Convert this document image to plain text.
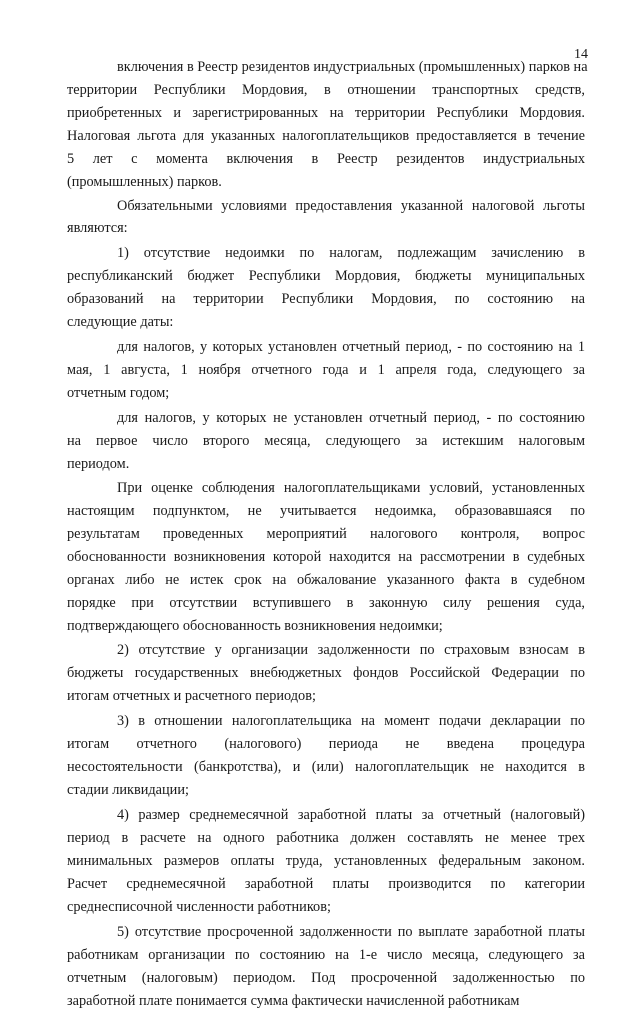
14
включения в Реестр резидентов индустриальных (промышленных) парков на
территории Республики Мордовия, в отношении транспортных средств,
приобретенных и зарегистрированных на территории Республики Мордовия.
Налоговая льгота для указанных налогоплательщиков предоставляется в течение
5 лет с момента включения в Реестр резидентов индустриальных
(промышленных) парков.
Обязательными условиями предоставления указанной налоговой льготы
являются:
1) отсутствие недоимки по налогам, подлежащим зачислению в
республиканский бюджет Республики Мордовия, бюджеты муниципальных
образований на территории Республики Мордовия, по состоянию на
следующие даты:
для налогов, у которых установлен отчетный период, - по состоянию на 1
мая, 1 августа, 1 ноября отчетного года и 1 апреля года, следующего за
отчетным годом;
для налогов, у которых не установлен отчетный период, - по состоянию
на первое число второго месяца, следующего за истекшим налоговым
периодом.
При оценке соблюдения налогоплательщиками условий, установленных
настоящим подпунктом, не учитывается недоимка, образовавшаяся по
результатам проведенных мероприятий налогового контроля, вопрос
обоснованности возникновения которой находится на рассмотрении в судебных
органах либо не истек срок на обжалование указанного факта в судебном
порядке при отсутствии вступившего в законную силу решения суда,
подтверждающего обоснованность возникновения недоимки;
2) отсутствие у организации задолженности по страховым взносам в
бюджеты государственных внебюджетных фондов Российской Федерации по
итогам отчетных и расчетного периодов;
3) в отношении налогоплательщика на момент подачи декларации по
итогам отчетного (налогового) периода не введена процедура
несостоятельности (банкротства), и (или) налогоплательщик не находится в
стадии ликвидации;
4) размер среднемесячной заработной платы за отчетный (налоговый)
период в расчете на одного работника должен составлять не менее трех
минимальных размеров оплаты труда, установленных федеральным законом.
Расчет среднемесячной заработной платы производится по категории
среднесписочной численности работников;
5) отсутствие просроченной задолженности по выплате заработной платы
работникам организации по состоянию на 1-е число месяца, следующего за
отчетным (налоговым) периодом. Под просроченной задолженностью по
заработной плате понимается сумма фактически начисленной работникам
